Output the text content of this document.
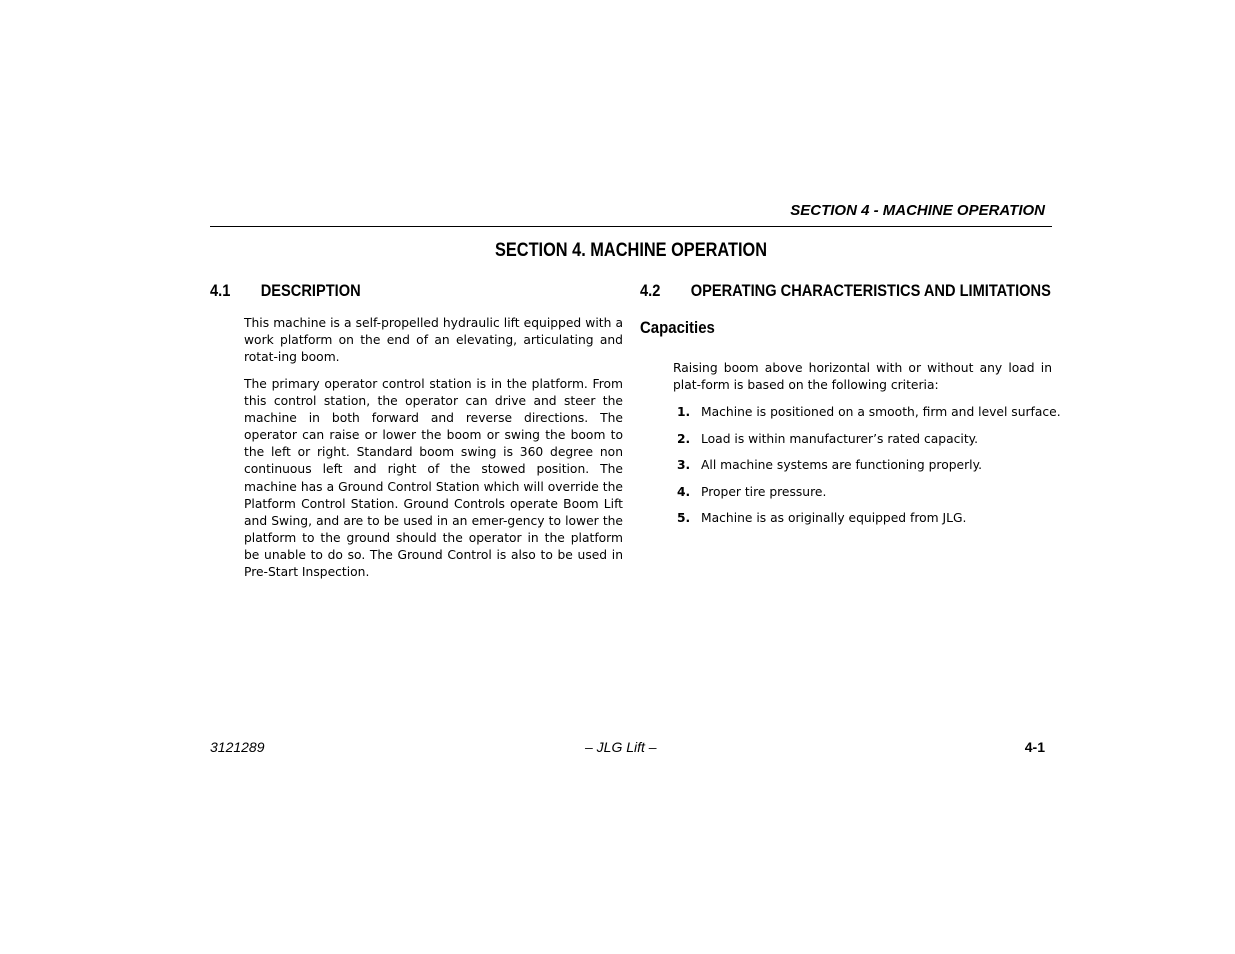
SECTION 4 - MACHINE OPERATION
SECTION 4. MACHINE OPERATION
4.1 DESCRIPTION

This machine is a self-propelled hydraulic lift equipped with a work platform on the end of an elevating, articulating and rotat-ing boom.

The primary operator control station is in the platform. From this control station, the operator can drive and steer the machine in both forward and reverse directions. The operator can raise or lower the boom or swing the boom to the left or right. Standard boom swing is 360 degree non continuous left and right of the stowed position. The machine has a Ground Control Station which will override the Platform Control Station. Ground Controls operate Boom Lift and Swing, and are to be used in an emer-gency to lower the platform to the ground should the operator in the platform be unable to do so. The Ground Control is also to be used in Pre-Start Inspection.

4.2 OPERATING CHARACTERISTICS AND LIMITATIONS
Capacities

Raising boom above horizontal with or without any load in plat-form is based on the following criteria:

1. Machine is positioned on a smooth, firm and level surface.
2. Load is within manufacturer’s rated capacity.
3. All machine systems are functioning properly.
4. Proper tire pressure.
5. Machine is as originally equipped from JLG.
3121289	– JLG Lift –	4-1
